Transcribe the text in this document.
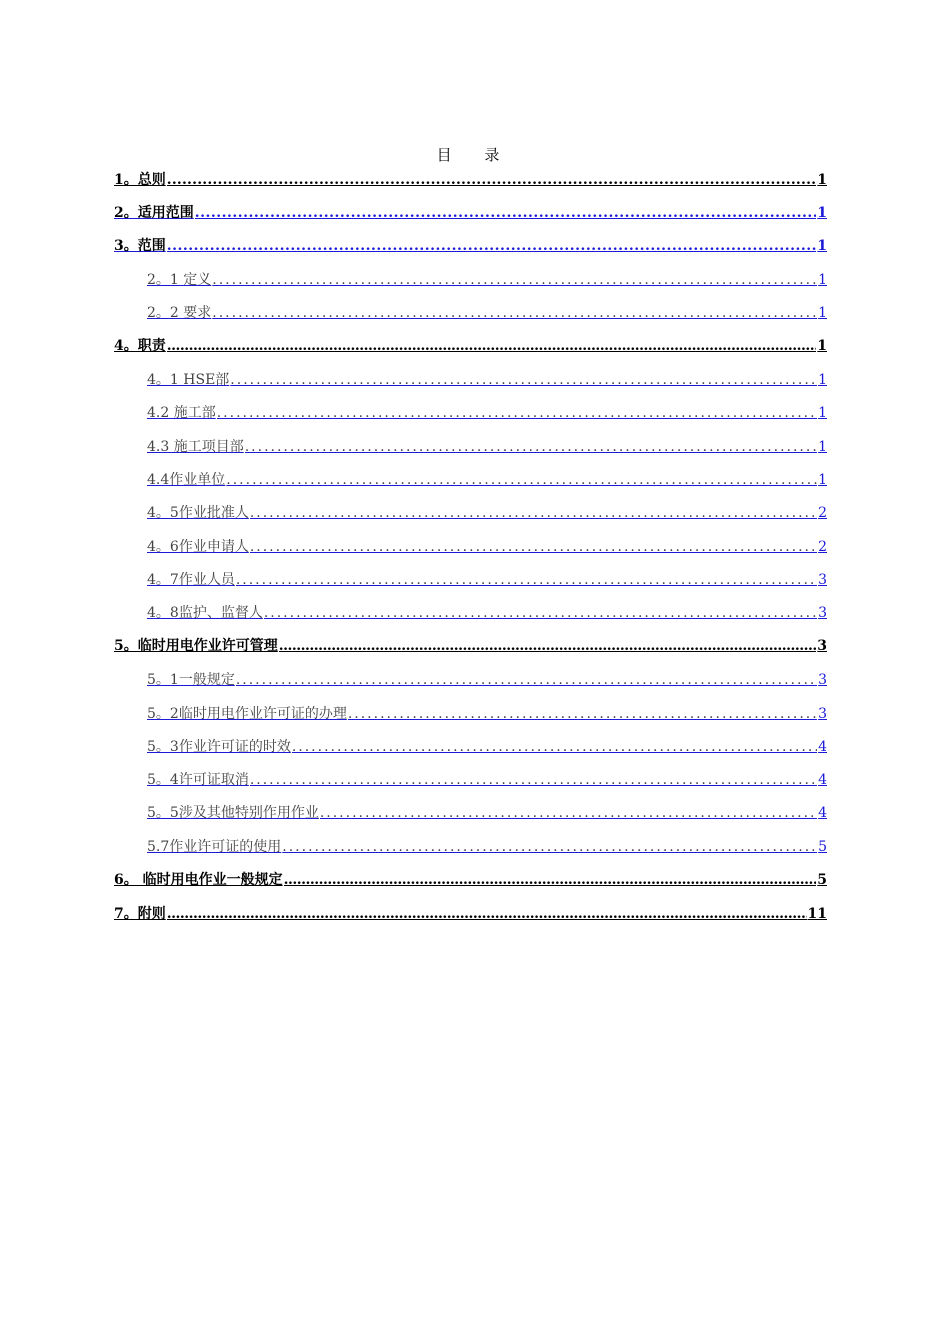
目 录
1。总则 .....	1
2。适用范围 .....	1
3。范围 .....	1
2。1 定义 .....	1
2。2 要求 .....	1
4。职责 .....	1
4。1 HSE部 .....	1
4.2 施工部 .....	1
4.3 施工项目部 .....	1
4.4作业单位 .....	1
4。5作业批准人 .....	2
4。6作业申请人 .....	2
4。7作业人员 .....	3
4。8监护、监督人 .....	3
5。临时用电作业许可管理 .....	3
5。1一般规定 .....	3
5。2临时用电作业许可证的办理 .....	3
5。3作业许可证的时效 .....	4
5。4许可证取消 .....	4
5。5涉及其他特别作用作业 .....	4
5.7作业许可证的使用 .....	5
6。 临时用电作业一般规定 .....	5
7。附则 .....	11
